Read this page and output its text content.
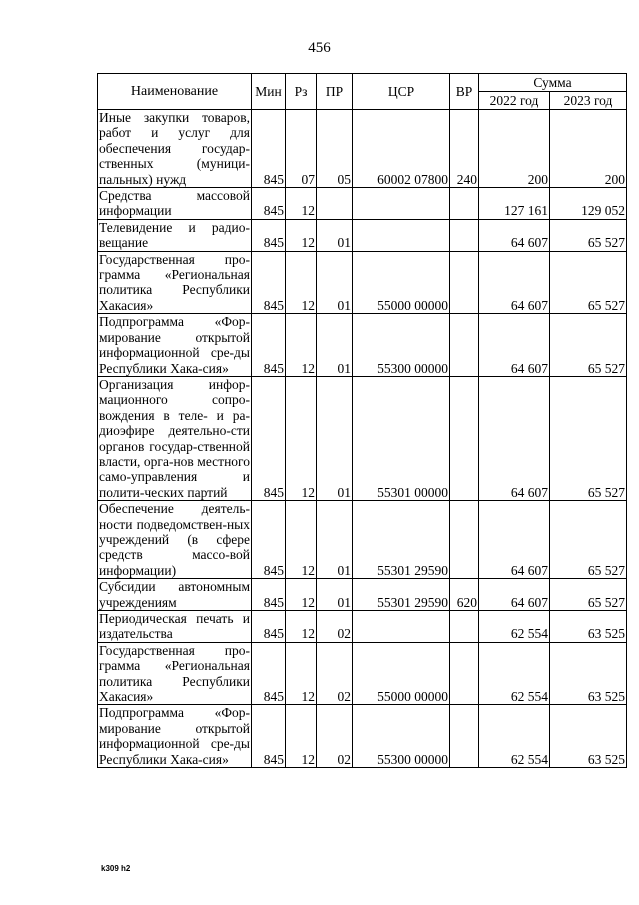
456
Наименование	Мин	Рз	ПР	ЦСР	ВР	Сумма	
						2022 год	2023 год
Иные закупки товаров, работ и услуг для обеспечения государ-ственных (муници-пальных) нужд	845	07	05	60002 07800	240	200	200
Средства массовой информации	845	12				127 161	129 052
Телевидение и радио-вещание	845	12	01			64 607	65 527
Государственная про-грамма «Региональная политика Республики Хакасия»	845	12	01	55000 00000		64 607	65 527
Подпрограмма «Фор-мирование открытой информационной сре-ды Республики Хака-сия»	845	12	01	55300 00000		64 607	65 527
Организация инфор-мационного сопро-вождения в теле- и ра-диоэфире деятельно-сти органов государ-ственной власти, орга-нов местного само-управления и полити-ческих партий	845	12	01	55301 00000		64 607	65 527
Обеспечение деятель-ности подведомствен-ных учреждений (в сфере средств массо-вой информации)	845	12	01	55301 29590		64 607	65 527
Субсидии автономным учреждениям	845	12	01	55301 29590	620	64 607	65 527
Периодическая печать и издательства	845	12	02			62 554	63 525
Государственная про-грамма «Региональная политика Республики Хакасия»	845	12	02	55000 00000		62 554	63 525
Подпрограмма «Фор-мирование открытой информационной сре-ды Республики Хака-сия»	845	12	02	55300 00000		62 554	63 525
k309 h2
